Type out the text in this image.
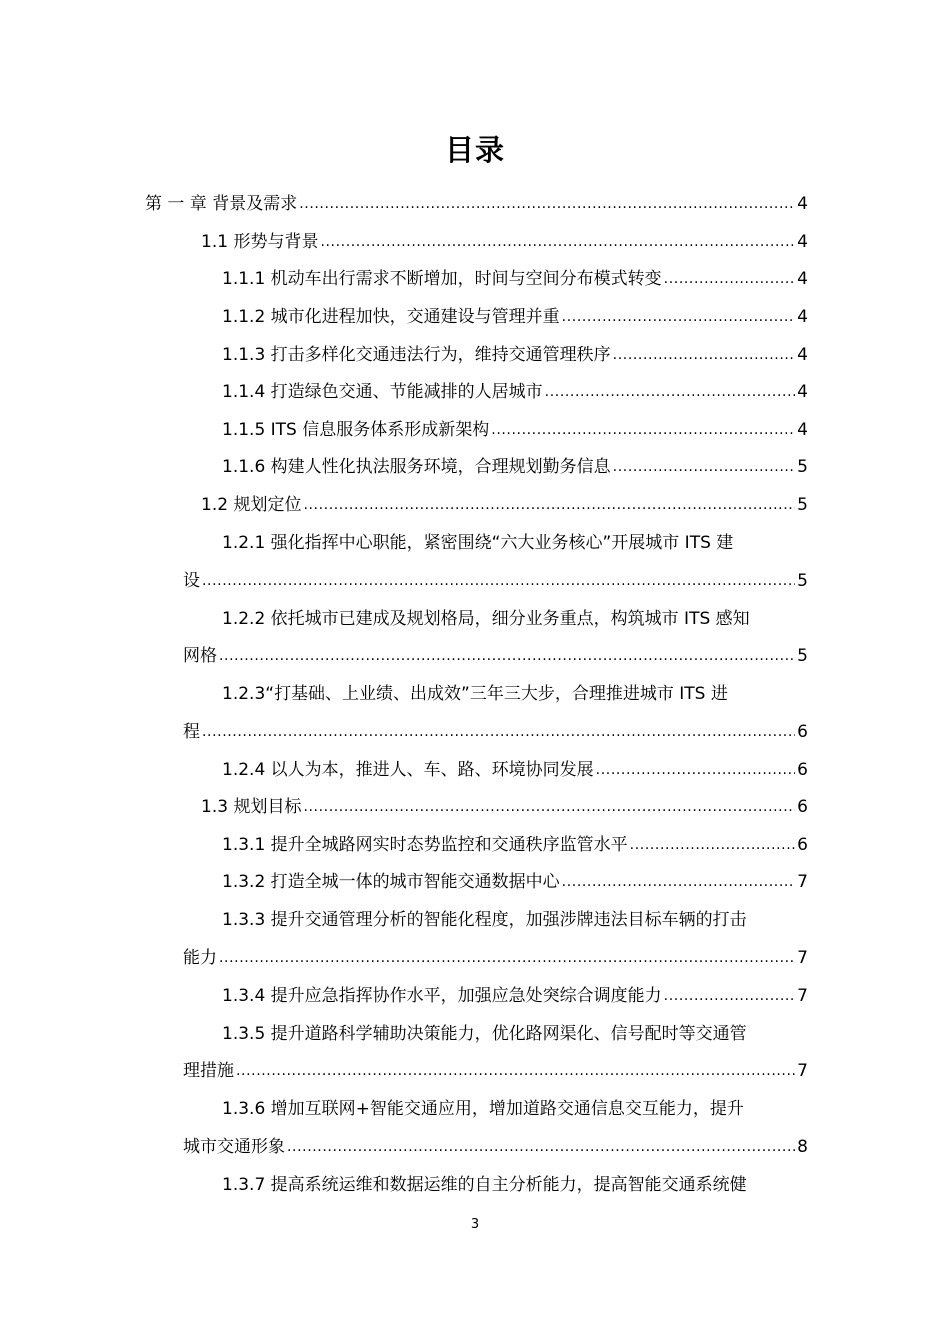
目录
第 一 章 背景及需求 .....	4
1.1 形势与背景 .....	4
1.1.1 机动车出行需求不断增加，时间与空间分布模式转变 .....	4
1.1.2 城市化进程加快，交通建设与管理并重 .....	4
1.1.3 打击多样化交通违法行为，维持交通管理秩序 .....	4
1.1.4 打造绿色交通、节能减排的人居城市 .....	4
1.1.5 ITS 信息服务体系形成新架构 .....	4
1.1.6 构建人性化执法服务环境，合理规划勤务信息 .....	5
1.2 规划定位 .....	5
1.2.1 强化指挥中心职能，紧密围绕“六大业务核心”开展城市 ITS 建
设 .....	5
1.2.2 依托城市已建成及规划格局，细分业务重点，构筑城市 ITS 感知
网格 .....	5
1.2.3“打基础、上业绩、出成效”三年三大步，合理推进城市 ITS 进
程 .....	6
1.2.4 以人为本，推进人、车、路、环境协同发展 .....	6
1.3 规划目标 .....	6
1.3.1 提升全城路网实时态势监控和交通秩序监管水平 .....	6
1.3.2 打造全城一体的城市智能交通数据中心 .....	7
1.3.3 提升交通管理分析的智能化程度，加强涉牌违法目标车辆的打击
能力 .....	7
1.3.4 提升应急指挥协作水平，加强应急处突综合调度能力 .....	7
1.3.5 提升道路科学辅助决策能力，优化路网渠化、信号配时等交通管
理措施 .....	7
1.3.6 增加互联网+智能交通应用，增加道路交通信息交互能力，提升
城市交通形象 .....	8
1.3.7 提高系统运维和数据运维的自主分析能力，提高智能交通系统健
3
